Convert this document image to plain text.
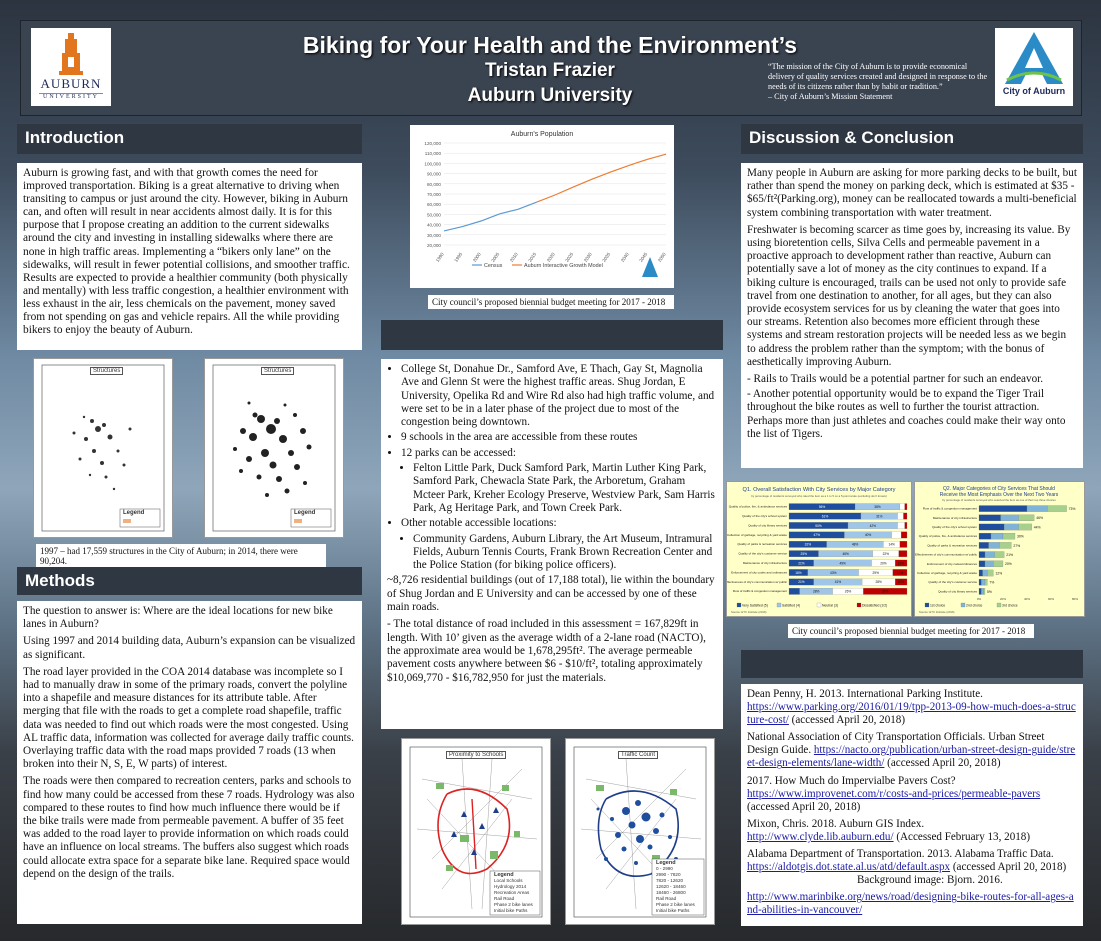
AUBURN
UNIVERSITY
Biking for Your Health and the Environment’s
Tristan Frazier
Auburn University
“The mission of the City of Auburn is to provide economical delivery of quality services created and designed in response to the needs of its citizens rather than by habit or tradition.”
– City of Auburn’s Mission Statement
City of Auburn
Introduction
Auburn is growing fast, and with that growth comes the need for improved transportation. Biking is a great alternative to driving when transiting to campus or just around the city. However, biking in Auburn can, and often will result in near accidents almost daily. It is for this purpose that I propose creating an addition to the current sidewalks around the city and investing in installing sidewalks where there are none in high traffic areas. Implementing a “bikers only lane” on the sidewalks, will result in fewer potential collisions, and smoother traffic. Results are expected to provide a healthier community (both physically and mentally) with less traffic congestion, a healthier environment with less exhaust in the air, less chemicals on the pavement, money saved from not spending on gas and vehicle repairs. All the while providing bikers to enjoy the beauty of Auburn.
Structures
Legend
Structures
Legend
1997 – had 17,559 structures in the City of Auburn; in 2014, there were 90,204.
Methods

The question to answer is: Where are the ideal locations for new bike lanes in Auburn?

Using 1997 and 2014 building data, Auburn’s expansion can be visualized as significant.

The road layer provided in the COA 2014 database was incomplete so I had to manually draw in some of the primary roads, convert the polyline into a shapefile and measure distances for its attribute table. After merging that file with the roads to get a complete road shapefile, traffic data was needed to find out which roads were the most congested. Using AL traffic data, information was collected for average daily traffic counts. Overlaying traffic data with the road maps provided 7 roads (13 when broken into their N, S, E, W parts) of interest.

The roads were then compared to recreation centers, parks and schools to find how many could be accessed from these 7 roads. Hydrology was also compared to these routes to find how much influence there would be if the bike trails were made from permeable pavement. A buffer of 35 feet was added to the road layer to provide information on which roads could have an influence on local streams. The buffers also suggest which roads could allocate extra space for a separate bike lane. Required space would depend on the design of the trails.

Auburn's Population
20,000
30,000
40,000
50,000
60,000
70,000
80,000
90,000
100,000
110,000
120,000
1990 1995 2000 2005 2010 2015 2020 2025 2030 2035 2040 2045 2050
Census	Auburn Interactive Growth Model
City council’s proposed biennial budget meeting for 2017 - 2018
• College St, Donahue Dr., Samford Ave, E Thach, Gay St, Magnolia Ave and Glenn St were the highest traffic areas. Shug Jordan, E University, Opelika Rd and Wire Rd also had high traffic volume, and were set to be in a later phase of the project due to most of the congestion being downtown.
• 9 schools in the area are accessible from these routes
• 12 parks can be accessed:
• Felton Little Park, Duck Samford Park, Martin Luther King Park, Samford Park, Chewacla State Park, the Arboretum, Graham Mcteer Park, Kreher Ecology Preserve, Westview Park, Sam Harris Park, Ag Heritage Park, and Town Creek Park.
• Other notable accessible locations:
• Community Gardens, Auburn Library, the Art Museum, Intramural Fields, Auburn Tennis Courts, Frank Brown Recreation Center and the Police Station (for biking police officers).

~8,726 residential buildings (out of 17,188 total), lie within the boundary of Shug Jordan and E University and can be accessed by one of these main roads.

- The total distance of road included in this assessment = 167,829ft in length. With 10’ given as the average width of a 2-lane road (NACTO), the approximate area would be 1,678,295ft². The average permeable pavement costs anywhere between $6 - $10/ft², totaling approximately $10,069,770 - $16,782,950 for just the materials.

Proximity to Schools
Legend
Local Schools
Hydrology 2014
Recreation Areas
Rail Road
Phase 2 bike lanes
Initial bike Paths
Traffic Count
Legend
0 - 2990
2990 - 7820
7820 - 12620
12620 - 18460
18460 - 26800
Rail Road
Phase 2 bike lanes
Initial bike Paths
Discussion & Conclusion

Many people in Auburn are asking for more parking decks to be built, but rather than spend the money on parking deck, which is estimated at $35 - $65/ft²(Parking.org), money can be reallocated towards a multi-beneficial system combining transportation with water treatment.

Freshwater is becoming scarcer as time goes by, increasing its value. By using bioretention cells, Silva Cells and permeable pavement in a proactive approach to development rather than reactive, Auburn can potentially save a lot of money as the city continues to expand. If a biking culture is encouraged, trails can be used not only to provide safe travel from one destination to another, for all ages, but they can also provide ecosystem services for us by cleaning the water that goes into our streams. Retention also becomes more efficient through these systems and stream restoration projects will be needed less as we begin to address the problem rather than the symptom; with the bonus of aesthetically improving Auburn.

- Rails to Trails would be a potential partner for such an endeavor.

- Another potential opportunity would be to expand the Tiger Trail throughout the bike routes as well to further the tourist attraction. Perhaps more than just athletes and coaches could make their way onto the list of Tigers.

Q1. Overall Satisfaction With City Services by Major Category
by percentage of residents surveyed who rated the item as a 1 to 5 on a 5-point scale (excluding don't knows)
Quality of police, fire, & ambulance services	56%	38%
Quality of the city's school system	61%	31%
Quality of city library services	50%	42%
Collection of garbage, recycling & yard waste	47%	40%
Quality of parks & recreation services	32%	48%	14%
Quality of the city's customer service	25%	46%	22%
Maintenance of city infrastructure	21%	49%	20%	10%
Enforcement of city codes and ordinances	16%	43%	29%	12%
Effectiveness of city's communication w/ public	21%	41%	28%	10%
Flow of traffic & congestion management	28%	26%	37%
Very Satisfied (5)	Satisfied (4)	Neutral (3)	Dissatisfied (1/2)
Source: ETC Institute (2016)
Q2. Major Categories of City Services That Should
Receive the Most Emphasis Over the Next Two Years
by percentage of residents surveyed who selected the item as one of their top three choices
Flow of traffic & congestion management	73%
Maintenance of city infrastructure	46%
Quality of the city's school system	44%
Quality of police, fire, & ambulance services	30%
Quality of parks & recreation services	27%
Effectiveness of city's communication w/ public	21%
Enforcement of city codes/ordinances	20%
Collection of garbage, recycling & yard waste	12%
Quality of the city's customer service	7%
Quality of city library services	5%
0%	20%	40%	60%	80%
1st choice	2nd choice	3rd choice
Source: ETC Institute (2016)
City council’s proposed biennial budget meeting for 2017 - 2018

Dean Penny, H. 2013. International Parking Institute.
https://www.parking.org/2016/01/19/tpp-2013-09-how-much-does-a-structure-cost/ (accessed April 20, 2018)

National Association of City Transportation Officials. Urban Street Design Guide. https://nacto.org/publication/urban-street-design-guide/street-design-elements/lane-width/ (accessed April 20, 2018)

2017. How Much do Impervialbe Pavers Cost?
https://www.improvenet.com/r/costs-and-prices/permeable-pavers
(accessed April 20, 2018)

Mixon, Chris. 2018. Auburn GIS Index.
http://www.clyde.lib.auburn.edu/ (Accessed February 13, 2018)

Alabama Department of Transportation. 2013. Alabama Traffic Data.
https://aldotgis.dot.state.al.us/atd/default.aspx (accessed April 20, 2018)
Background image: Bjorn. 2016.

http://www.marinbike.org/news/road/designing-bike-routes-for-all-ages-and-abilities-in-vancouver/
